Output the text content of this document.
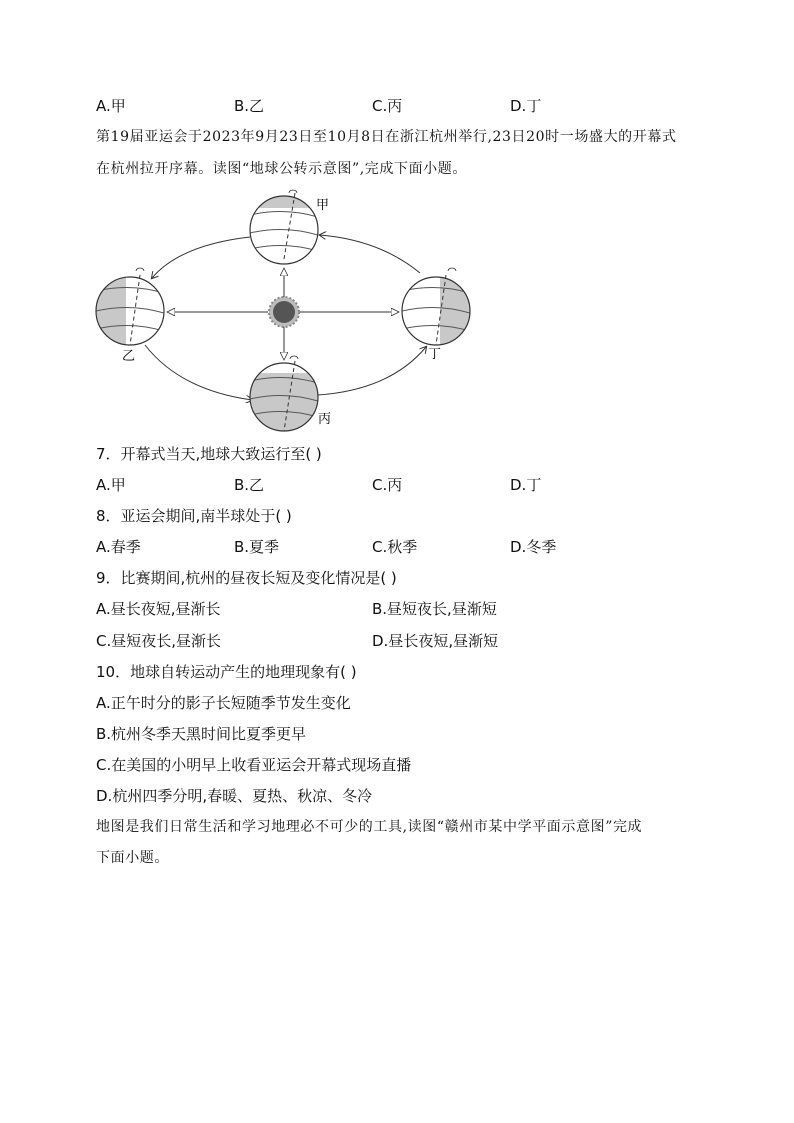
A.甲	B.乙	C.丙	D.丁
第19届亚运会于2023年9月23日至10月8日在浙江杭州举行,23日20时一场盛大的开幕式
在杭州拉开序幕。读图“地球公转示意图”,完成下面小题。
甲
乙
丙
丁
7．开幕式当天,地球大致运行至( )
A.甲	B.乙	C.丙	D.丁
8．亚运会期间,南半球处于( )
A.春季	B.夏季	C.秋季	D.冬季
9．比赛期间,杭州的昼夜长短及变化情况是( )
A.昼长夜短,昼渐长	B.昼短夜长,昼渐短
C.昼短夜长,昼渐长	D.昼长夜短,昼渐短
10．地球自转运动产生的地理现象有( )
A.正午时分的影子长短随季节发生变化
B.杭州冬季天黑时间比夏季更早
C.在美国的小明早上收看亚运会开幕式现场直播
D.杭州四季分明,春暖、夏热、秋凉、冬冷
地图是我们日常生活和学习地理必不可少的工具,读图“赣州市某中学平面示意图”完成
下面小题。
